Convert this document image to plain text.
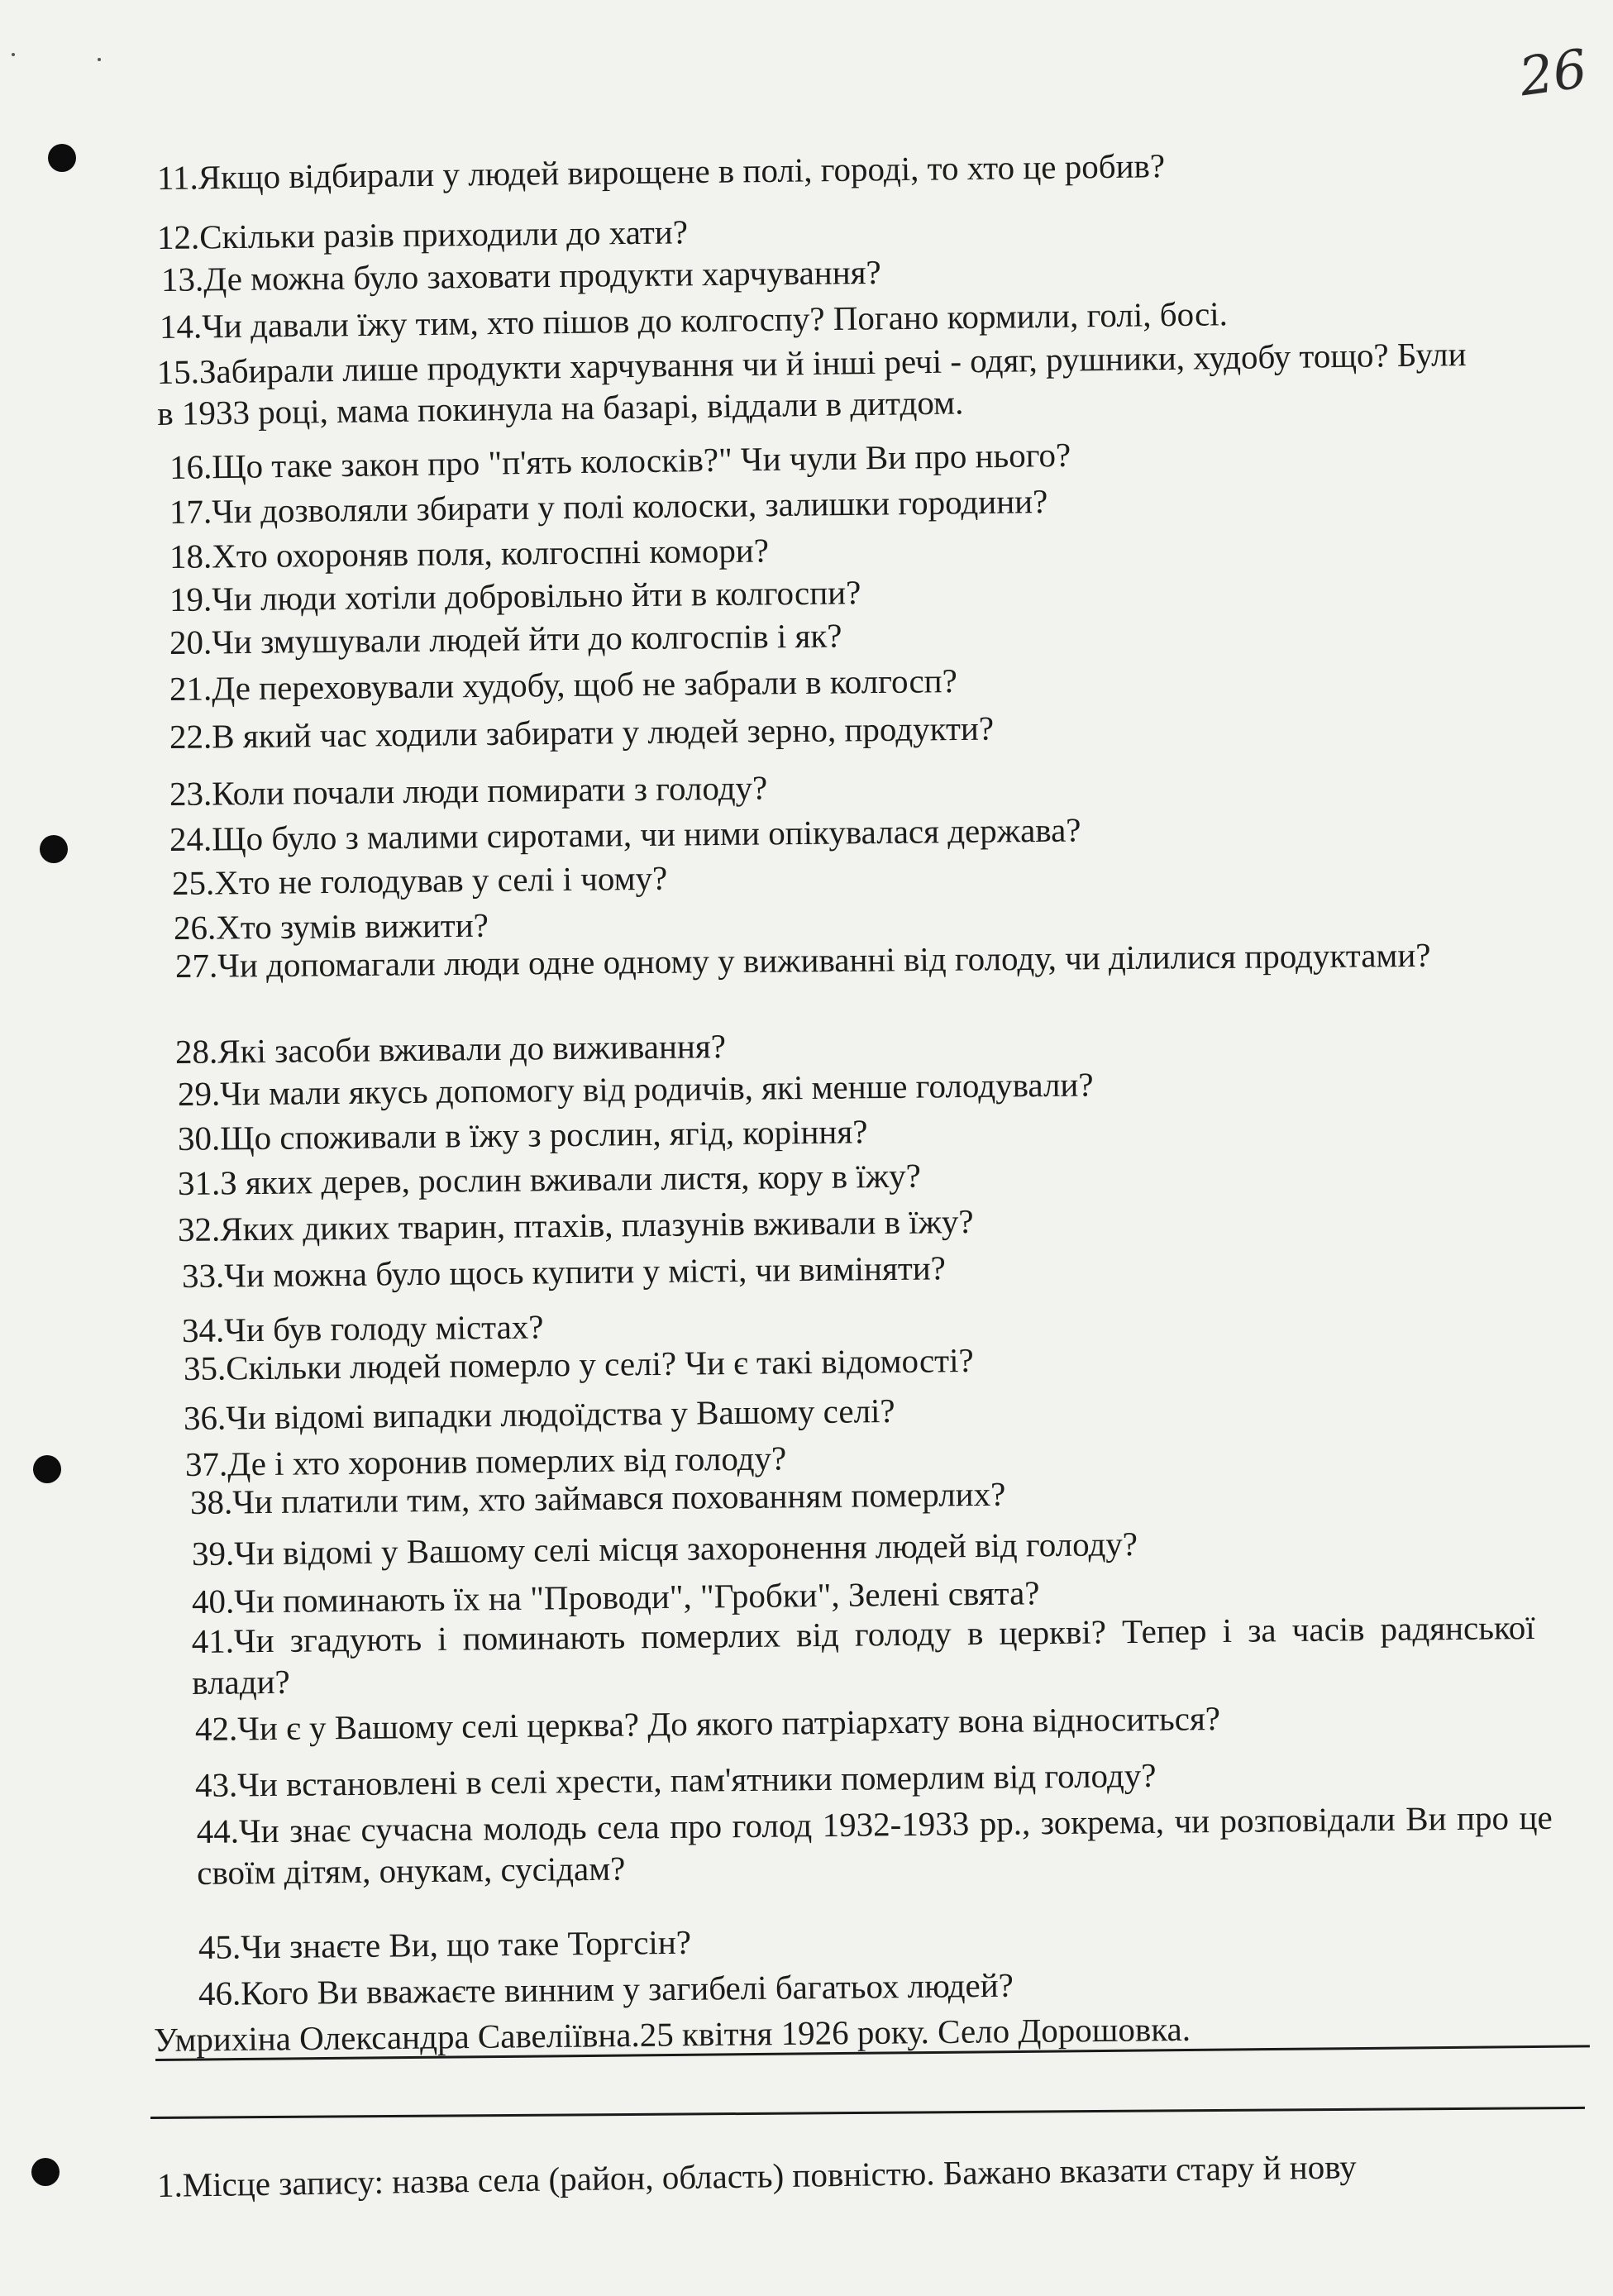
26
11.Якщо відбирали у людей вирощене в полі, городі, то хто це робив?
12.Скільки разів приходили до хати?
13.Де можна було заховати продукти харчування?
14.Чи давали їжу тим, хто пішов до колгоспу? Погано кормили, голі, босі.
15.Забирали лише продукти харчування чи й інші речі - одяг, рушники, худобу тощо? Були в 1933 році, мама покинула на базарі, віддали в дитдом.
16.Що таке закон про "п'ять колосків?" Чи чули Ви про нього?
17.Чи дозволяли збирати у полі колоски, залишки городини?
18.Хто охороняв поля, колгоспні комори?
19.Чи люди хотіли добровільно йти в колгоспи?
20.Чи змушували людей йти до колгоспів і як?
21.Де переховували худобу, щоб не забрали в колгосп?
22.В який час ходили забирати у людей зерно, продукти?
23.Коли почали люди помирати з голоду?
24.Що було з малими сиротами, чи ними опікувалася держава?
25.Хто не голодував у селі і чому?
26.Хто зумів вижити?
27.Чи допомагали люди одне одному у виживанні від голоду, чи ділилися продуктами?
28.Які засоби вживали до виживання?
29.Чи мали якусь допомогу від родичів, які менше голодували?
30.Що споживали в їжу з рослин, ягід, коріння?
31.З яких дерев, рослин вживали листя, кору в їжу?
32.Яких диких тварин, птахів, плазунів вживали в їжу?
33.Чи можна було щось купити у місті, чи виміняти?
34.Чи був голоду містах?
35.Скільки людей померло у селі? Чи є такі відомості?
36.Чи відомі випадки людоїдства у Вашому селі?
37.Де і хто хоронив померлих від голоду?
38.Чи платили тим, хто займався похованням померлих?
39.Чи відомі у Вашому селі місця захоронення людей від голоду?
40.Чи поминають їх на "Проводи", "Гробки", Зелені свята?
41.Чи згадують і поминають померлих від голоду в церкві? Тепер і за часів радянської влади?
42.Чи є у Вашому селі церква? До якого патріархату вона відноситься?
43.Чи встановлені в селі хрести, пам'ятники померлим від голоду?
44.Чи знає сучасна молодь села про голод 1932-1933 рр., зокрема, чи розповідали Ви про це своїм дітям, онукам, сусідам?
45.Чи знаєте Ви, що таке Торгсін?
46.Кого Ви вважаєте винним у загибелі багатьох людей?
Умрихіна Олександра Савеліївна.25 квітня 1926 року. Село Дорошовка.
1.Місце запису: назва села (район, область) повністю. Бажано вказати стару й нову
